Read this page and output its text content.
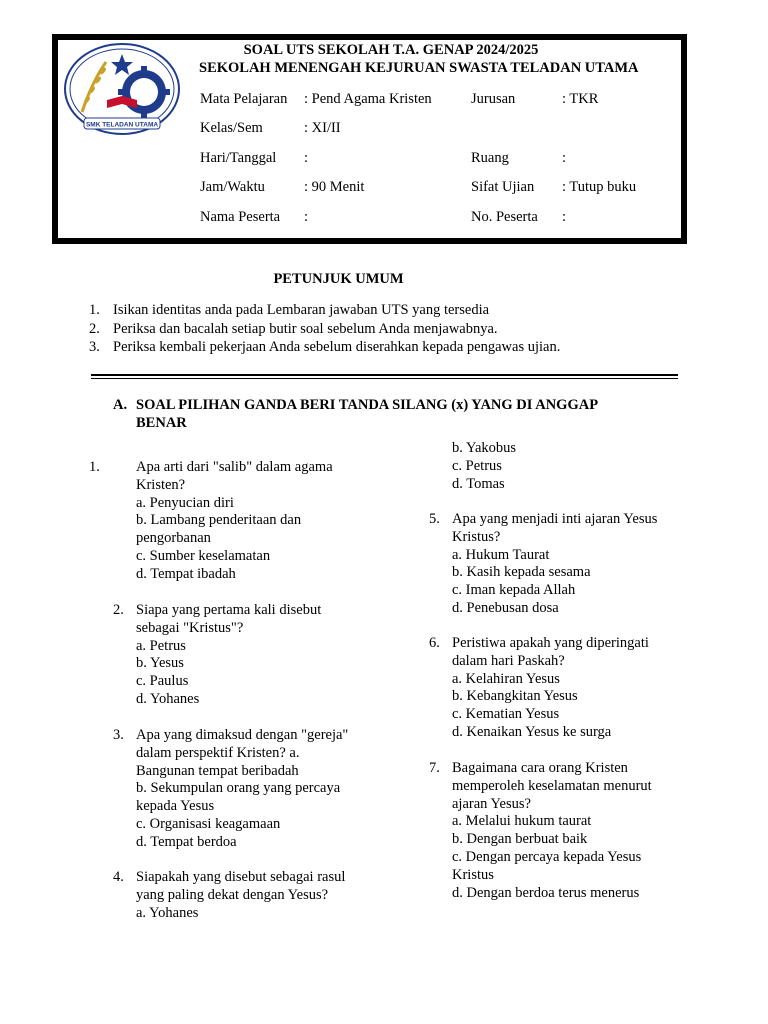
SMK TELADAN UTAMA
SOAL UTS SEKOLAH T.A. GENAP 2024/2025
SEKOLAH MENENGAH KEJURUAN SWASTA TELADAN UTAMA
Mata Pelajaran : Pend Agama Kristen	Jurusan	: TKR
Kelas/Sem	: XI/II
Hari/Tanggal :	Ruang	:
Jam/Waktu	: 90 Menit	Sifat Ujian : Tutup buku
Nama Peserta :	No. Peserta :
PETUNJUK UMUM
1. Isikan identitas anda pada Lembaran jawaban UTS yang tersedia
2. Periksa dan bacalah setiap butir soal sebelum Anda menjawabnya.
3. Periksa kembali pekerjaan Anda sebelum diserahkan kepada pengawas ujian.
A. SOAL PILIHAN GANDA BERI TANDA SILANG (x) YANG DI ANGGAP BENAR
1. Apa arti dari "salib" dalam agama
Kristen?
a. Penyucian diri
b. Lambang penderitaan dan
pengorbanan
c. Sumber keselamatan
d. Tempat ibadah
2. Siapa yang pertama kali disebut
sebagai "Kristus"?
a. Petrus
b. Yesus
c. Paulus
d. Yohanes
3. Apa yang dimaksud dengan "gereja"
dalam perspektif Kristen? a.
Bangunan tempat beribadah
b. Sekumpulan orang yang percaya
kepada Yesus
c. Organisasi keagamaan
d. Tempat berdoa
4. Siapakah yang disebut sebagai rasul
yang paling dekat dengan Yesus?
a. Yohanes
b. Yakobus
c. Petrus
d. Tomas
5. Apa yang menjadi inti ajaran Yesus
Kristus?
a. Hukum Taurat
b. Kasih kepada sesama
c. Iman kepada Allah
d. Penebusan dosa
6. Peristiwa apakah yang diperingati
dalam hari Paskah?
a. Kelahiran Yesus
b. Kebangkitan Yesus
c. Kematian Yesus
d. Kenaikan Yesus ke surga
7. Bagaimana cara orang Kristen
memperoleh keselamatan menurut
ajaran Yesus?
a. Melalui hukum taurat
b. Dengan berbuat baik
c. Dengan percaya kepada Yesus
Kristus
d. Dengan berdoa terus menerus
